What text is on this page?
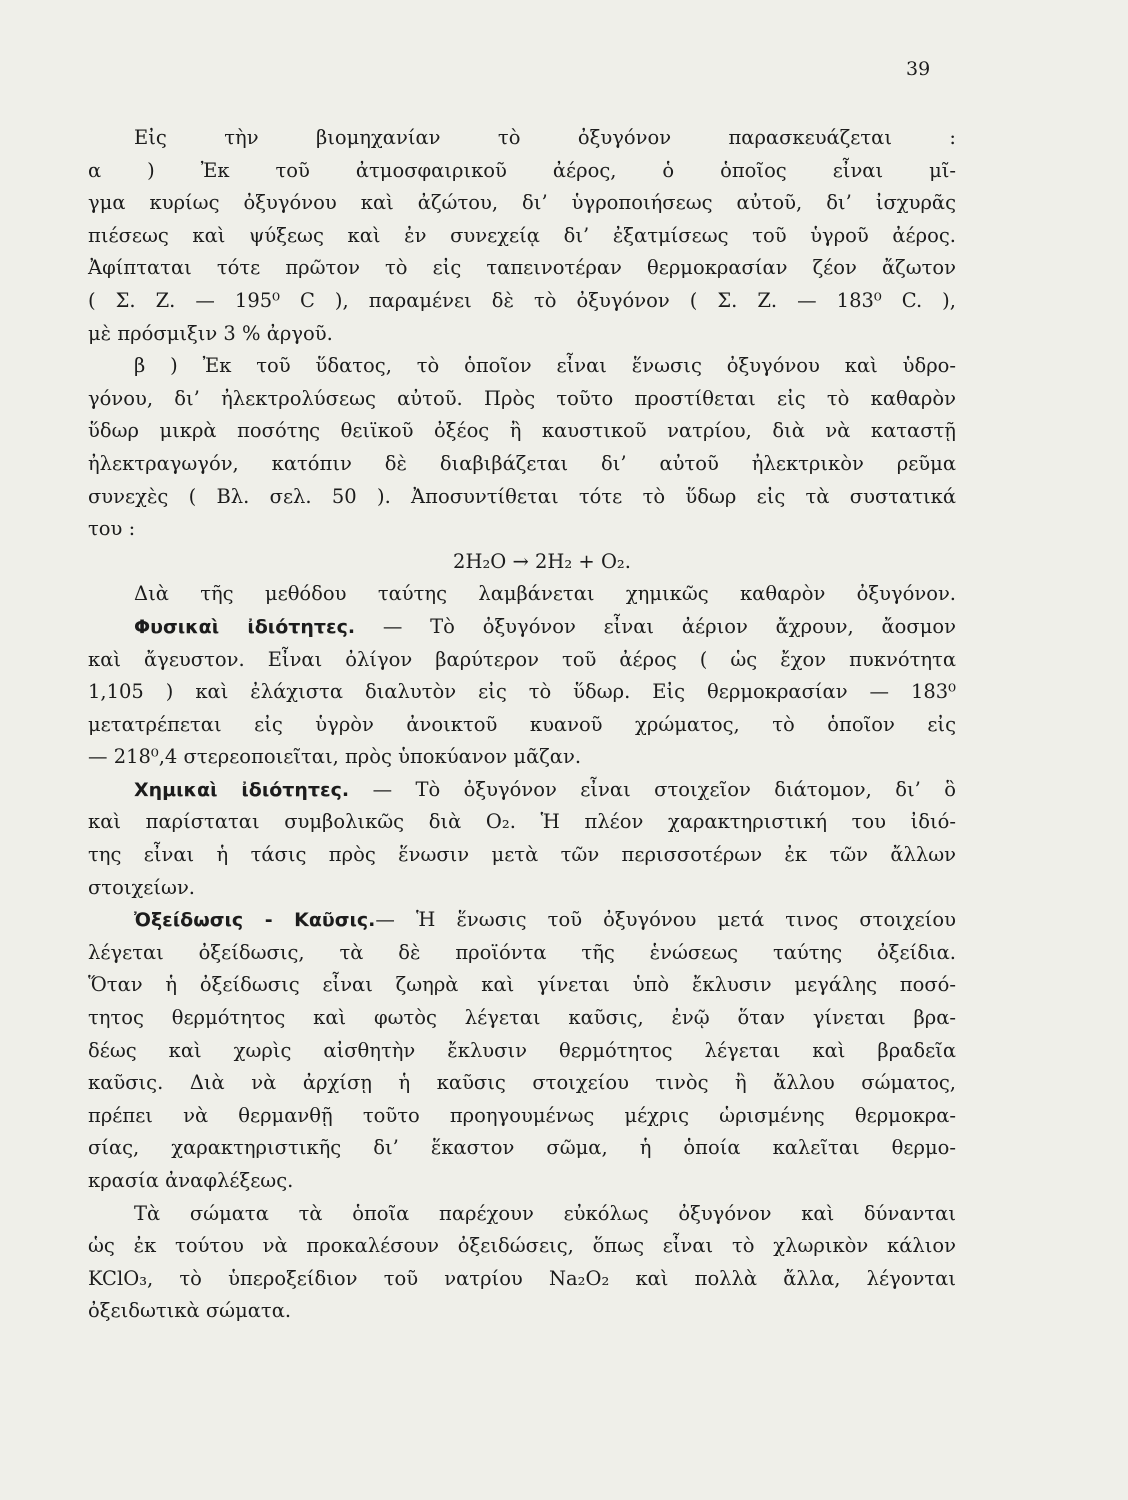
39
Εἰς τὴν βιομηχανίαν τὸ ὀξυγόνον παρασκευάζεται :
α ) Ἐκ τοῦ ἀτμοσφαιρικοῦ ἀέρος, ὁ ὁποῖος εἶναι μῖ-
γμα κυρίως ὀξυγόνου καὶ ἀζώτου, δι’ ὑγροποιήσεως αὐτοῦ, δι’ ἰσχυρᾶς
πιέσεως καὶ ψύξεως καὶ ἐν συνεχείᾳ δι’ ἐξατμίσεως τοῦ ὑγροῦ ἀέρος.
Ἀφίπταται τότε πρῶτον τὸ εἰς ταπεινοτέραν θερμοκρασίαν ζέον ἄζωτον
( Σ. Ζ. — 195⁰ C ), παραμένει δὲ τὸ ὀξυγόνον ( Σ. Ζ. — 183⁰ C. ),
μὲ πρόσμιξιν 3 % ἀργοῦ.
β ) Ἐκ τοῦ ὕδατος, τὸ ὁποῖον εἶναι ἕνωσις ὀξυγόνου καὶ ὑδρο-
γόνου, δι’ ἠλεκτρολύσεως αὐτοῦ. Πρὸς τοῦτο προστίθεται εἰς τὸ καθαρὸν
ὕδωρ μικρὰ ποσότης θειϊκοῦ ὀξέος ἢ καυστικοῦ νατρίου, διὰ νὰ καταστῇ
ἠλεκτραγωγόν, κατόπιν δὲ διαβιβάζεται δι’ αὐτοῦ ἠλεκτρικὸν ρεῦμα
συνεχὲς ( Βλ. σελ. 50 ). Ἀποσυντίθεται τότε τὸ ὕδωρ εἰς τὰ συστατικά
του :
2H₂O → 2H₂ + O₂.
Διὰ τῆς μεθόδου ταύτης λαμβάνεται χημικῶς καθαρὸν ὀξυγόνον.
Φυσικαὶ ἰδιότητες. — Τὸ ὀξυγόνον εἶναι ἀέριον ἄχρουν, ἄοσμον
καὶ ἄγευστον. Εἶναι ὀλίγον βαρύτερον τοῦ ἀέρος ( ὡς ἔχον πυκνότητα
1,105 ) καὶ ἐλάχιστα διαλυτὸν εἰς τὸ ὕδωρ. Εἰς θερμοκρασίαν — 183⁰
μετατρέπεται εἰς ὑγρὸν ἀνοικτοῦ κυανοῦ χρώματος, τὸ ὁποῖον εἰς
— 218⁰,4 στερεοποιεῖται, πρὸς ὑποκύανον μᾶζαν.
Χημικαὶ ἰδιότητες. — Τὸ ὀξυγόνον εἶναι στοιχεῖον διάτομον, δι’ ὃ
καὶ παρίσταται συμβολικῶς διὰ O₂. Ἡ πλέον χαρακτηριστική του ἰδιό-
της εἶναι ἡ τάσις πρὸς ἕνωσιν μετὰ τῶν περισσοτέρων ἐκ τῶν ἄλλων
στοιχείων.
Ὀξείδωσις - Καῦσις.— Ἡ ἕνωσις τοῦ ὀξυγόνου μετά τινος στοιχείου
λέγεται ὀξείδωσις, τὰ δὲ προϊόντα τῆς ἑνώσεως ταύτης ὀξείδια.
Ὅταν ἡ ὀξείδωσις εἶναι ζωηρὰ καὶ γίνεται ὑπὸ ἔκλυσιν μεγάλης ποσό-
τητος θερμότητος καὶ φωτὸς λέγεται καῦσις, ἐνῷ ὅταν γίνεται βρα-
δέως καὶ χωρὶς αἰσθητὴν ἔκλυσιν θερμότητος λέγεται καὶ βραδεῖα
καῦσις. Διὰ νὰ ἀρχίσῃ ἡ καῦσις στοιχείου τινὸς ἢ ἄλλου σώματος,
πρέπει νὰ θερμανθῇ τοῦτο προηγουμένως μέχρις ὡρισμένης θερμοκρα-
σίας, χαρακτηριστικῆς δι’ ἕκαστον σῶμα, ἡ ὁποία καλεῖται θερμο-
κρασία ἀναφλέξεως.
Τὰ σώματα τὰ ὁποῖα παρέχουν εὐκόλως ὀξυγόνον καὶ δύνανται
ὡς ἐκ τούτου νὰ προκαλέσουν ὀξειδώσεις, ὅπως εἶναι τὸ χλωρικὸν κάλιον
KClO₃, τὸ ὑπεροξείδιον τοῦ νατρίου Na₂O₂ καὶ πολλὰ ἄλλα, λέγονται
ὀξειδωτικὰ σώματα.
